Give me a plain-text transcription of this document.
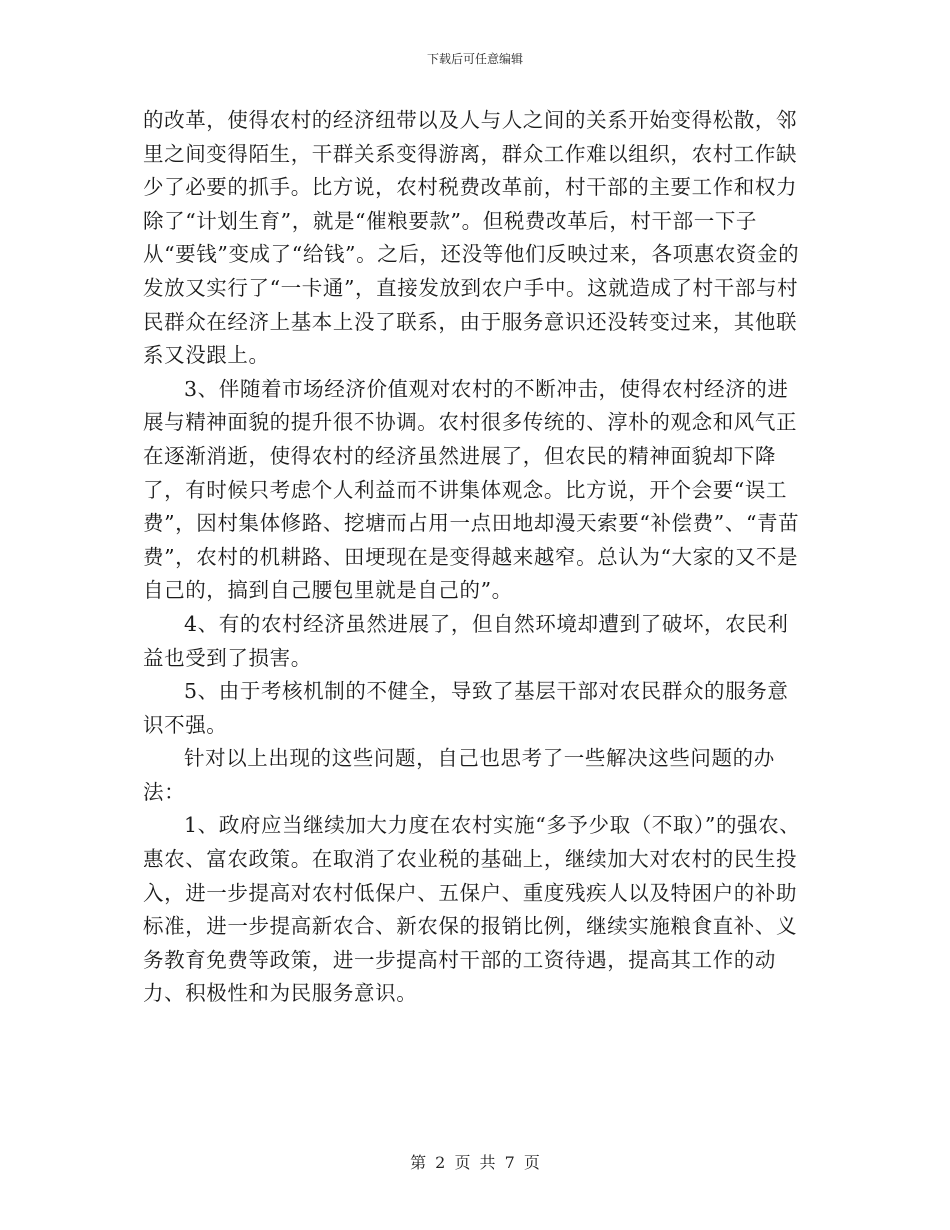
下载后可任意编辑

的改革，使得农村的经济纽带以及人与人之间的关系开始变得松散，邻里之间变得陌生，干群关系变得游离，群众工作难以组织，农村工作缺少了必要的抓手。比方说，农村税费改革前，村干部的主要工作和权力除了“计划生育”，就是“催粮要款”。但税费改革后，村干部一下子从“要钱”变成了“给钱”。之后，还没等他们反映过来，各项惠农资金的发放又实行了“一卡通”，直接发放到农户手中。这就造成了村干部与村民群众在经济上基本上没了联系，由于服务意识还没转变过来，其他联系又没跟上。

3、伴随着市场经济价值观对农村的不断冲击，使得农村经济的进展与精神面貌的提升很不协调。农村很多传统的、淳朴的观念和风气正在逐渐消逝，使得农村的经济虽然进展了，但农民的精神面貌却下降了，有时候只考虑个人利益而不讲集体观念。比方说，开个会要“误工费”，因村集体修路、挖塘而占用一点田地却漫天索要“补偿费”、“青苗费”，农村的机耕路、田埂现在是变得越来越窄。总认为“大家的又不是自己的，搞到自己腰包里就是自己的”。

4、有的农村经济虽然进展了，但自然环境却遭到了破坏，农民利益也受到了损害。

5、由于考核机制的不健全，导致了基层干部对农民群众的服务意识不强。

针对以上出现的这些问题，自己也思考了一些解决这些问题的办法：

1、政府应当继续加大力度在农村实施“多予少取（不取）”的强农、惠农、富农政策。在取消了农业税的基础上，继续加大对农村的民生投入，进一步提高对农村低保户、五保户、重度残疾人以及特困户的补助标准，进一步提高新农合、新农保的报销比例，继续实施粮食直补、义务教育免费等政策，进一步提高村干部的工资待遇，提高其工作的动力、积极性和为民服务意识。

第 2 页 共 7 页
